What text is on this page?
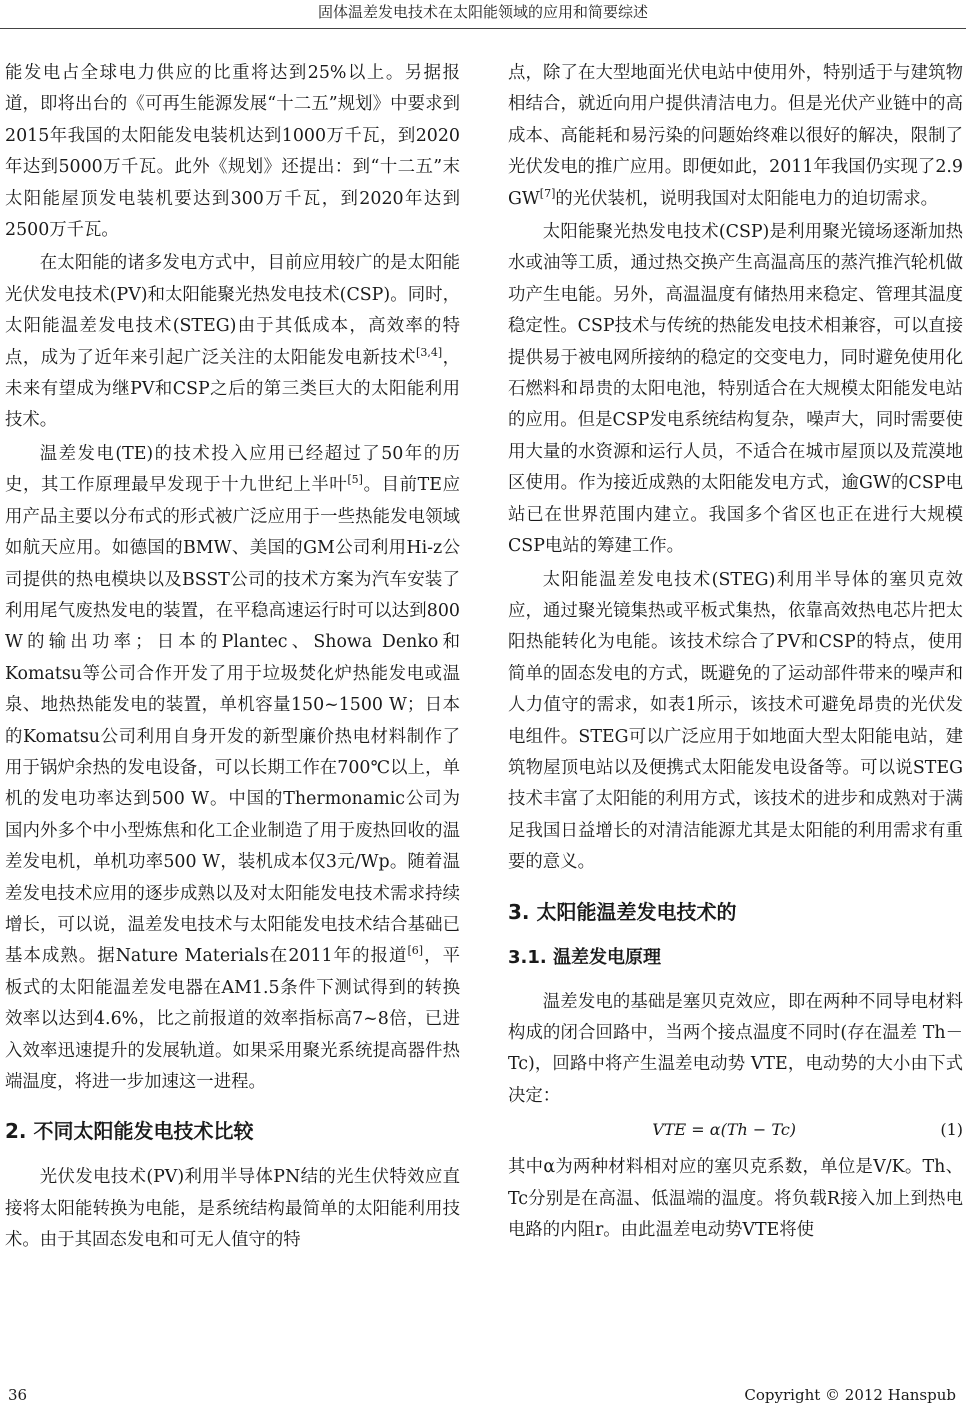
固体温差发电技术在太阳能领域的应用和简要综述

能发电占全球电力供应的比重将达到25%以上。另据报道，即将出台的《可再生能源发展“十二五”规划》中要求到2015年我国的太阳能发电装机达到1000万千瓦，到2020年达到5000万千瓦。此外《规划》还提出：到“十二五”末太阳能屋顶发电装机要达到300万千瓦，到2020年达到2500万千瓦。

在太阳能的诸多发电方式中，目前应用较广的是太阳能光伏发电技术(PV)和太阳能聚光热发电技术(CSP)。同时，太阳能温差发电技术(STEG)由于其低成本，高效率的特点，成为了近年来引起广泛关注的太阳能发电新技术[3,4]，未来有望成为继PV和CSP之后的第三类巨大的太阳能利用技术。

温差发电(TE)的技术投入应用已经超过了50年的历史，其工作原理最早发现于十九世纪上半叶[5]。目前TE应用产品主要以分布式的形式被广泛应用于一些热能发电领域如航天应用。如德国的BMW、美国的GM公司利用Hi-z公司提供的热电模块以及BSST公司的技术方案为汽车安装了利用尾气废热发电的装置，在平稳高速运行时可以达到800 W的输出功率；日本的Plantec、Showa Denko和Komatsu等公司合作开发了用于垃圾焚化炉热能发电或温泉、地热热能发电的装置，单机容量150~1500 W；日本的Komatsu公司利用自身开发的新型廉价热电材料制作了用于锅炉余热的发电设备，可以长期工作在700℃以上，单机的发电功率达到500 W。中国的Thermonamic公司为国内外多个中小型炼焦和化工企业制造了用于废热回收的温差发电机，单机功率500 W，装机成本仅3元/Wp。随着温差发电技术应用的逐步成熟以及对太阳能发电技术需求持续增长，可以说，温差发电技术与太阳能发电技术结合基础已基本成熟。据Nature Materials在2011年的报道[6]，平板式的太阳能温差发电器在AM1.5条件下测试得到的转换效率以达到4.6%，比之前报道的效率指标高7~8倍，已进入效率迅速提升的发展轨道。如果采用聚光系统提高器件热端温度，将进一步加速这一进程。

2. 不同太阳能发电技术比较

光伏发电技术(PV)利用半导体PN结的光生伏特效应直接将太阳能转换为电能，是系统结构最简单的太阳能利用技术。由于其固态发电和可无人值守的特

点，除了在大型地面光伏电站中使用外，特别适于与建筑物相结合，就近向用户提供清洁电力。但是光伏产业链中的高成本、高能耗和易污染的问题始终难以很好的解决，限制了光伏发电的推广应用。即便如此，2011年我国仍实现了2.9 GW[7]的光伏装机，说明我国对太阳能电力的迫切需求。

太阳能聚光热发电技术(CSP)是利用聚光镜场逐渐加热水或油等工质，通过热交换产生高温高压的蒸汽推汽轮机做功产生电能。另外，高温温度有储热用来稳定、管理其温度稳定性。CSP技术与传统的热能发电技术相兼容，可以直接提供易于被电网所接纳的稳定的交变电力，同时避免使用化石燃料和昂贵的太阳电池，特别适合在大规模太阳能发电站的应用。但是CSP发电系统结构复杂，噪声大，同时需要使用大量的水资源和运行人员，不适合在城市屋顶以及荒漠地区使用。作为接近成熟的太阳能发电方式，逾GW的CSP电站已在世界范围内建立。我国多个省区也正在进行大规模CSP电站的筹建工作。

太阳能温差发电技术(STEG)利用半导体的塞贝克效应，通过聚光镜集热或平板式集热，依靠高效热电芯片把太阳热能转化为电能。该技术综合了PV和CSP的特点，使用简单的固态发电的方式，既避免的了运动部件带来的噪声和人力值守的需求，如表1所示，该技术可避免昂贵的光伏发电组件。STEG可以广泛应用于如地面大型太阳能电站，建筑物屋顶电站以及便携式太阳能发电设备等。可以说STEG技术丰富了太阳能的利用方式，该技术的进步和成熟对于满足我国日益增长的对清洁能源尤其是太阳能的利用需求有重要的意义。

3. 太阳能温差发电技术的
3.1. 温差发电原理

温差发电的基础是塞贝克效应，即在两种不同导电材料构成的闭合回路中，当两个接点温度不同时(存在温差 Th－Tc)，回路中将产生温差电动势 VTE，电动势的大小由下式决定：

VTE = α(Th − Tc)	(1)

其中α为两种材料相对应的塞贝克系数，单位是V/K。Th、Tc分别是在高温、低温端的温度。将负载R接入加上到热电电路的内阻r。由此温差电动势VTE将使

36	Copyright © 2012 Hanspub
